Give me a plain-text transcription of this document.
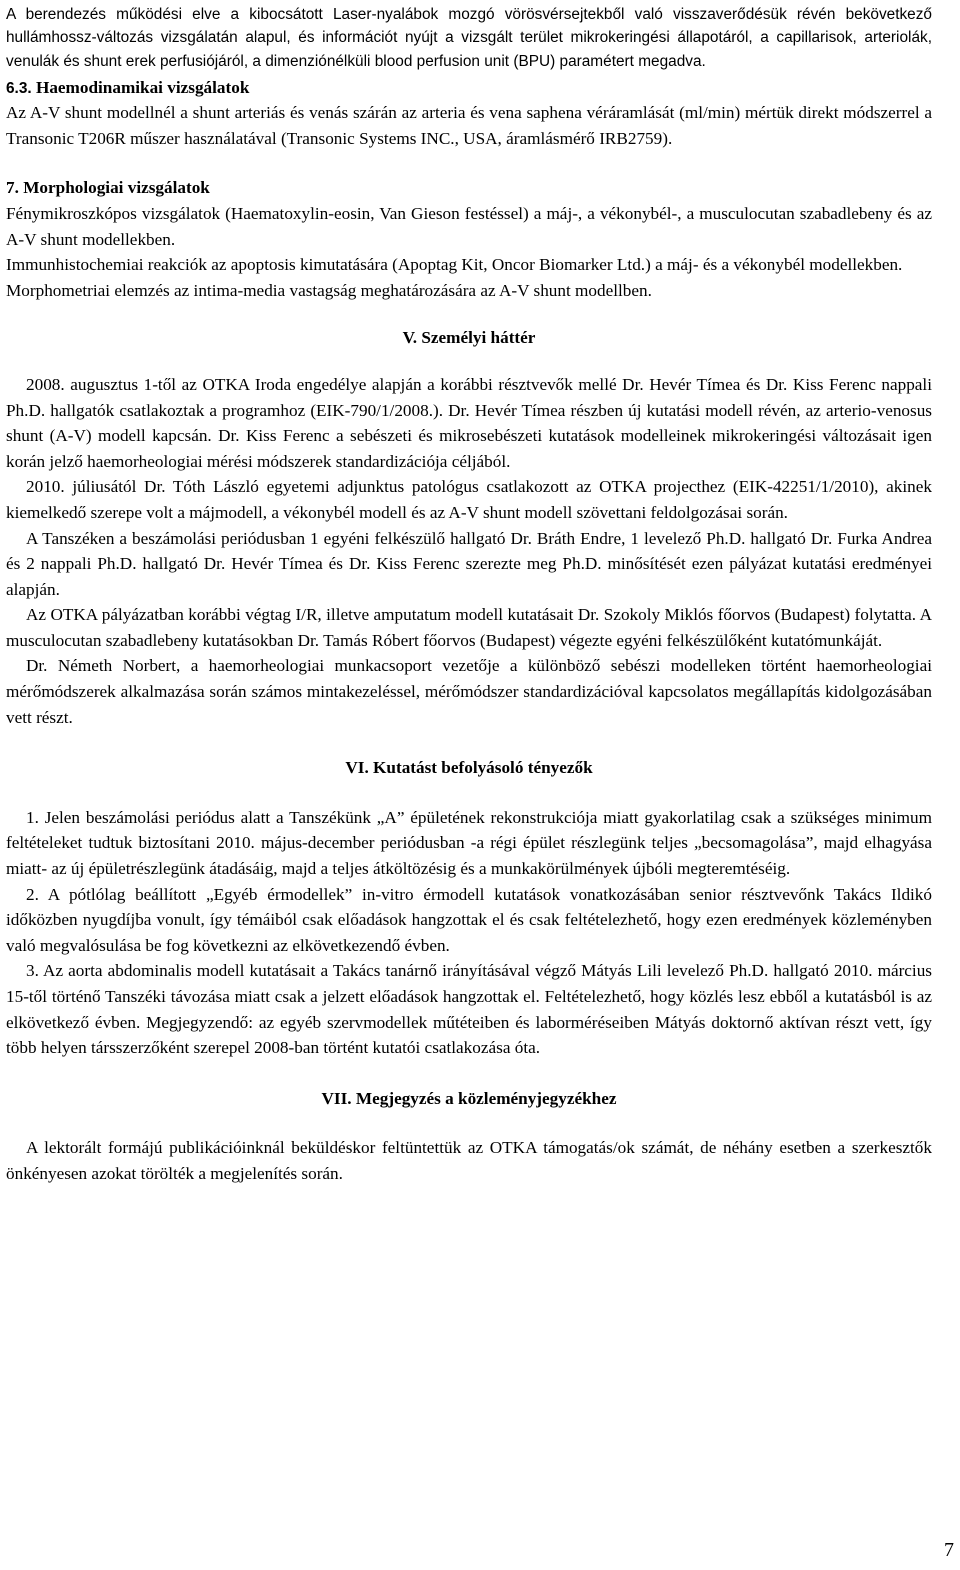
A berendezés működési elve a kibocsátott Laser-nyalábok mozgó vörösvérsejtekből való visszaverődésük révén bekövetkező hullámhossz-változás vizsgálatán alapul, és információt nyújt a vizsgált terület mikrokeringési állapotáról, a capillarisok, arteriolák, venulák és shunt erek perfusiójáról, a dimenziónélküli blood perfusion unit (BPU) paramétert megadva.

6.3. Haemodinamikai vizsgálatok

Az A-V shunt modellnél a shunt arteriás és venás szárán az arteria és vena saphena véráramlását (ml/min) mértük direkt módszerrel a Transonic T206R műszer használatával (Transonic Systems INC., USA, áramlásmérő IRB2759).

7. Morphologiai vizsgálatok

Fénymikroszkópos vizsgálatok (Haematoxylin-eosin, Van Gieson festéssel) a máj-, a vékonybél-, a musculocutan szabadlebeny és az A-V shunt modellekben.

Immunhistochemiai reakciók az apoptosis kimutatására (Apoptag Kit, Oncor Biomarker Ltd.) a máj- és a vékonybél modellekben.

Morphometriai elemzés az intima-media vastagság meghatározására az A-V shunt modellben.

V. Személyi háttér

2008. augusztus 1-től az OTKA Iroda engedélye alapján a korábbi résztvevők mellé Dr. Hevér Tímea és Dr. Kiss Ferenc nappali Ph.D. hallgatók csatlakoztak a programhoz (EIK-790/1/2008.). Dr. Hevér Tímea részben új kutatási modell révén, az arterio-venosus shunt (A-V) modell kapcsán. Dr. Kiss Ferenc a sebészeti és mikrosebészeti kutatások modelleinek mikrokeringési változásait igen korán jelző haemorheologiai mérési módszerek standardizációja céljából.

2010. júliusától Dr. Tóth László egyetemi adjunktus patológus csatlakozott az OTKA projecthez (EIK-42251/1/2010), akinek kiemelkedő szerepe volt a májmodell, a vékonybél modell és az A-V shunt modell szövettani feldolgozásai során.

A Tanszéken a beszámolási periódusban 1 egyéni felkészülő hallgató Dr. Bráth Endre, 1 levelező Ph.D. hallgató Dr. Furka Andrea és 2 nappali Ph.D. hallgató Dr. Hevér Tímea és Dr. Kiss Ferenc szerezte meg Ph.D. minősítését ezen pályázat kutatási eredményei alapján.

Az OTKA pályázatban korábbi végtag I/R, illetve amputatum modell kutatásait Dr. Szokoly Miklós főorvos (Budapest) folytatta. A musculocutan szabadlebeny kutatásokban Dr. Tamás Róbert főorvos (Budapest) végezte egyéni felkészülőként kutatómunkáját.

Dr. Németh Norbert, a haemorheologiai munkacsoport vezetője a különböző sebészi modelleken történt haemorheologiai mérőmódszerek alkalmazása során számos mintakezeléssel, mérőmódszer standardizációval kapcsolatos megállapítás kidolgozásában vett részt.

VI. Kutatást befolyásoló tényezők

1. Jelen beszámolási periódus alatt a Tanszékünk „A” épületének rekonstrukciója miatt gyakorlatilag csak a szükséges minimum feltételeket tudtuk biztosítani 2010. május-december periódusban -a régi épület részlegünk teljes „becsomagolása”, majd elhagyása miatt- az új épületrészlegünk átadásáig, majd a teljes átköltözésig és a munkakörülmények újbóli megteremtéséig.

2. A pótlólag beállított „Egyéb érmodellek” in-vitro érmodell kutatások vonatkozásában senior résztvevőnk Takács Ildikó időközben nyugdíjba vonult, így témáiból csak előadások hangzottak el és csak feltételezhető, hogy ezen eredmények közleményben való megvalósulása be fog következni az elkövetkezendő évben.

3. Az aorta abdominalis modell kutatásait a Takács tanárnő irányításával végző Mátyás Lili levelező Ph.D. hallgató 2010. március 15-től történő Tanszéki távozása miatt csak a jelzett előadások hangzottak el. Feltételezhető, hogy közlés lesz ebből a kutatásból is az elkövetkező évben. Megjegyzendő: az egyéb szervmodellek műtéteiben és laborméréseiben Mátyás doktornő aktívan részt vett, így több helyen társszerzőként szerepel 2008-ban történt kutatói csatlakozása óta.

VII. Megjegyzés a közleményjegyzékhez

A lektorált formájú publikációinknál beküldéskor feltüntettük az OTKA támogatás/ok számát, de néhány esetben a szerkesztők önkényesen azokat törölték a megjelenítés során.

7
